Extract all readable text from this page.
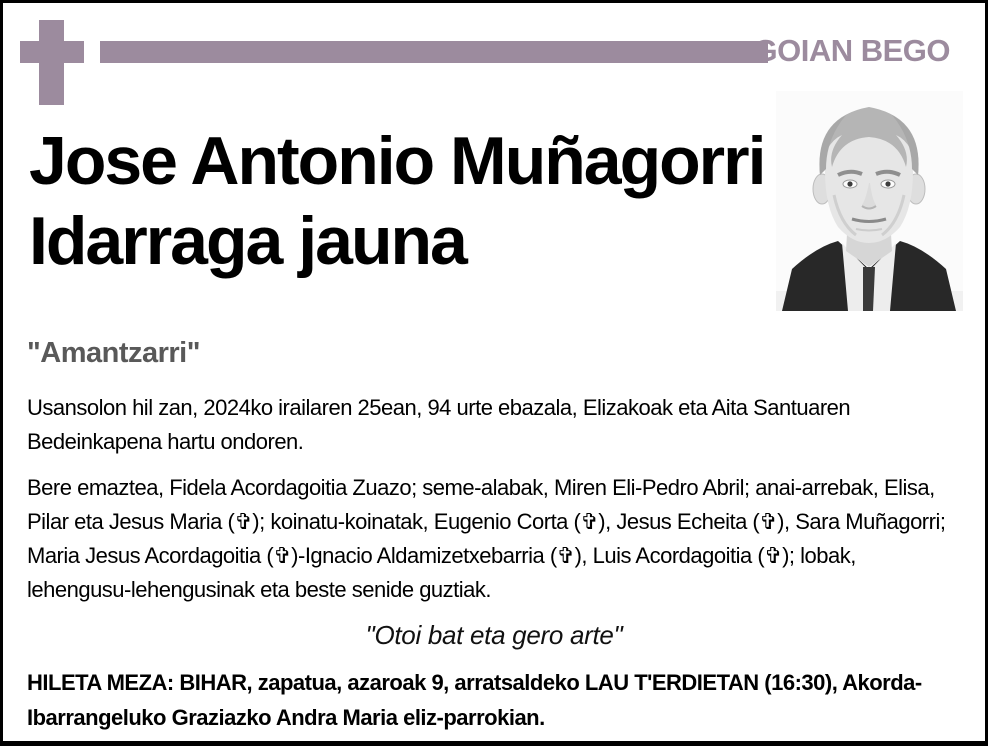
GOIAN BEGO
Jose Antonio Muñagorri
Idarraga jauna
"Amantzarri"
Usansolon hil zan, 2024ko irailaren 25ean, 94 urte ebazala, Elizakoak eta Aita Santuaren Bedeinkapena hartu ondoren.
Bere emaztea, Fidela Acordagoitia Zuazo; seme-alabak, Miren Eli-Pedro Abril; anai-arrebak, Elisa, Pilar eta Jesus Maria (✞); koinatu-koinatak, Eugenio Corta (✞), Jesus Echeita (✞), Sara Muñagorri; Maria Jesus Acordagoitia (✞)-Ignacio Aldamizetxebarria (✞), Luis Acordagoitia (✞); lobak, lehengusu-lehengusinak eta beste senide guztiak.
"Otoi bat eta gero arte"
HILETA MEZA: BIHAR, zapatua, azaroak 9, arratsaldeko LAU T'ERDIETAN (16:30), Akorda-Ibarrangeluko Graziazko Andra Maria eliz-parrokian.
